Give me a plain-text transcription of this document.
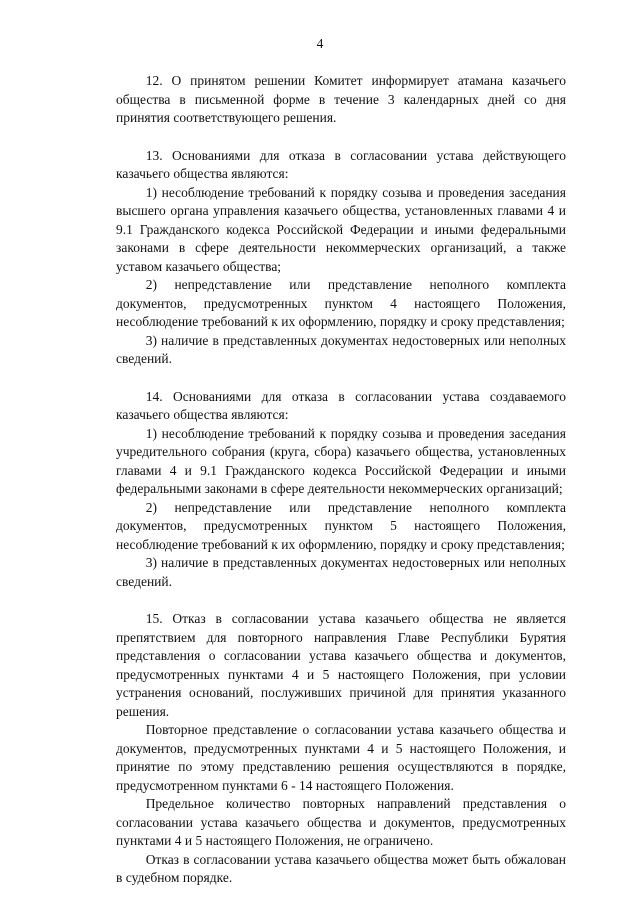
4

12. О принятом решении Комитет информирует атамана казачьего общества в письменной форме в течение 3 календарных дней со дня принятия соответствующего решения.

13. Основаниями для отказа в согласовании устава действующего казачьего общества являются:

1) несоблюдение требований к порядку созыва и проведения заседания высшего органа управления казачьего общества, установленных главами 4 и 9.1 Гражданского кодекса Российской Федерации и иными федеральными законами в сфере деятельности некоммерческих организаций, а также уставом казачьего общества;

2) непредставление или представление неполного комплекта документов, предусмотренных пунктом 4 настоящего Положения, несоблюдение требований к их оформлению, порядку и сроку представления;

3) наличие в представленных документах недостоверных или неполных сведений.

14. Основаниями для отказа в согласовании устава создаваемого казачьего общества являются:

1) несоблюдение требований к порядку созыва и проведения заседания учредительного собрания (круга, сбора) казачьего общества, установленных главами 4 и 9.1 Гражданского кодекса Российской Федерации и иными федеральными законами в сфере деятельности некоммерческих организаций;

2) непредставление или представление неполного комплекта документов, предусмотренных пунктом 5 настоящего Положения, несоблюдение требований к их оформлению, порядку и сроку представления;

3) наличие в представленных документах недостоверных или неполных сведений.

15. Отказ в согласовании устава казачьего общества не является препятствием для повторного направления Главе Республики Бурятия представления о согласовании устава казачьего общества и документов, предусмотренных пунктами 4 и 5 настоящего Положения, при условии устранения оснований, послуживших причиной для принятия указанного решения.

Повторное представление о согласовании устава казачьего общества и документов, предусмотренных пунктами 4 и 5 настоящего Положения, и принятие по этому представлению решения осуществляются в порядке, предусмотренном пунктами 6 - 14 настоящего Положения.

Предельное количество повторных направлений представления о согласовании устава казачьего общества и документов, предусмотренных пунктами 4 и 5 настоящего Положения, не ограничено.

Отказ в согласовании устава казачьего общества может быть обжалован в судебном порядке.
